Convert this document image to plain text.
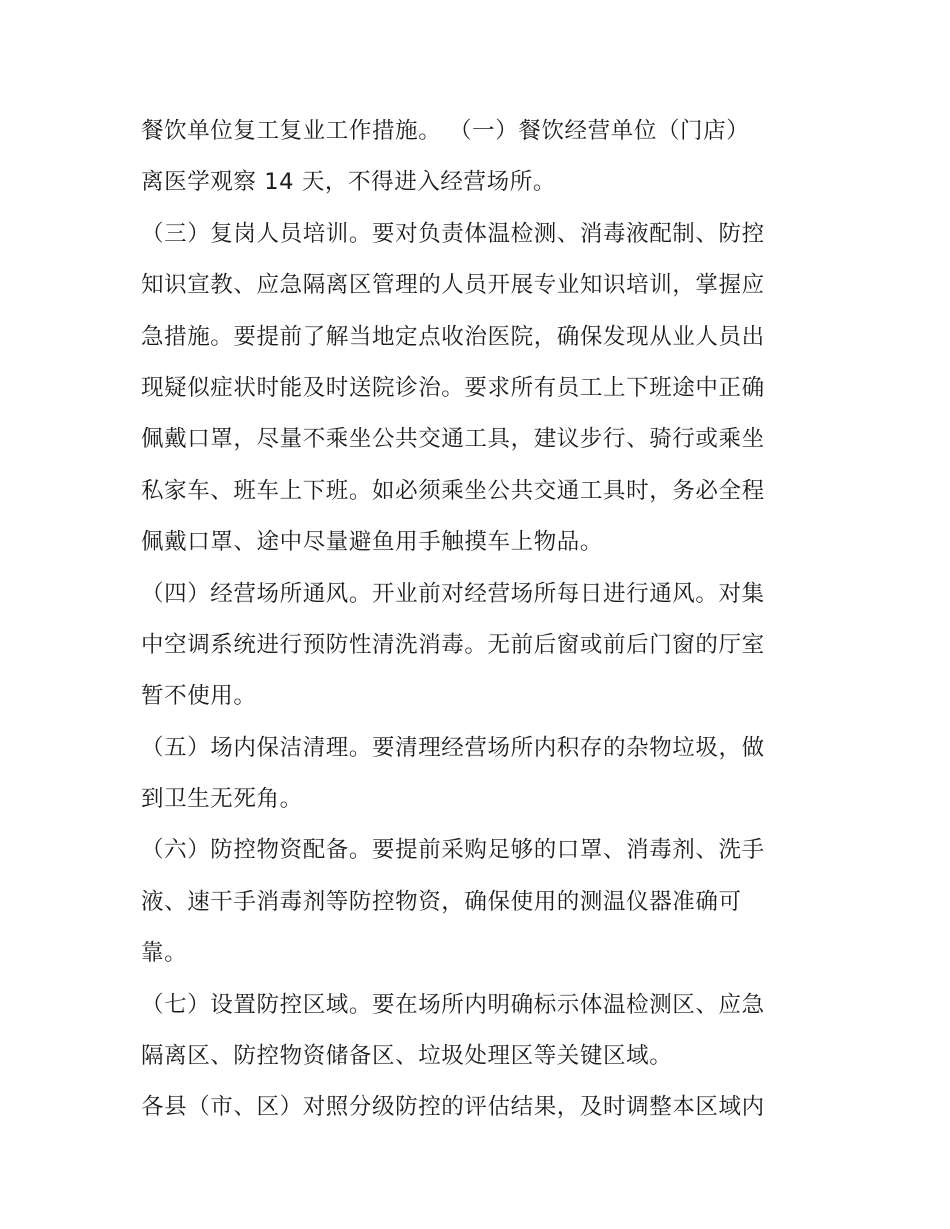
餐饮单位复工复业工作措施。 （一）餐饮经营单位（门店）
离医学观察 14 天，不得进入经营场所。
（三）复岗人员培训。要对负责体温检测、消毒液配制、防控
知识宣教、应急隔离区管理的人员开展专业知识培训，掌握应
急措施。要提前了解当地定点收治医院，确保发现从业人员出
现疑似症状时能及时送院诊治。要求所有员工上下班途中正确
佩戴口罩，尽量不乘坐公共交通工具，建议步行、骑行或乘坐
私家车、班车上下班。如必须乘坐公共交通工具时，务必全程
佩戴口罩、途中尽量避鱼用手触摸车上物品。
（四）经营场所通风。开业前对经营场所每日进行通风。对集
中空调系统进行预防性清洗消毒。无前后窗或前后门窗的厅室
暂不使用。
（五）场内保洁清理。要清理经营场所内积存的杂物垃圾，做
到卫生无死角。
（六）防控物资配备。要提前采购足够的口罩、消毒剂、洗手
液、速干手消毒剂等防控物资，确保使用的测温仪器准确可
靠。
（七）设置防控区域。要在场所内明确标示体温检测区、应急
隔离区、防控物资储备区、垃圾处理区等关键区域。
各县（市、区）对照分级防控的评估结果，及时调整本区域内
